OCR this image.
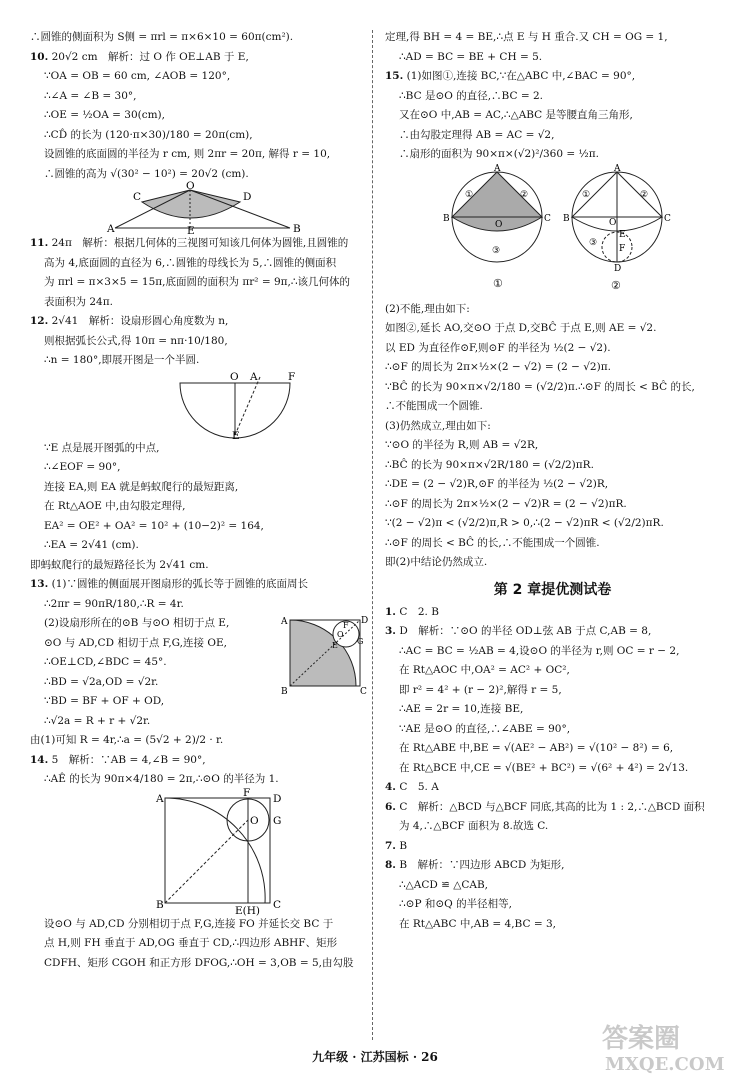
∴圆锥的侧面积为 S侧 = πrl = π×6×10 = 60π(cm²).
10. 20√2 cm　解析：过 O 作 OE⊥AB 于 E,
∵OA = OB = 60 cm, ∠AOB = 120°,
∴∠A = ∠B = 30°,
∴OE = ½OA = 30(cm),
∴CD̂ 的长为 (120·π×30)/180 = 20π(cm),
设圆锥的底面圆的半径为 r cm, 则 2πr = 20π, 解得 r = 10,
∴圆锥的高为 √(30² − 10²) = 20√2 (cm).
A	B
C	D
E
O
11. 24π　解析：根据几何体的三视图可知该几何体为圆锥,且圆锥的
高为 4,底面圆的直径为 6,∴圆锥的母线长为 5,∴圆锥的侧面积
为 πrl = π×3×5 = 15π,底面圆的面积为 πr² = 9π,∴该几何体的
表面积为 24π.
12. 2√41　解析：设扇形圆心角度数为 n,
则根据弧长公式,得 10π = nπ·10/180,
∴n = 180°,即展开图是一个半圆.
O A	F
E
∵E 点是展开图弧的中点,
∴∠EOF = 90°,
连接 EA,则 EA 就是蚂蚁爬行的最短距离,
在 Rt△AOE 中,由勾股定理得,
EA² = OE² + OA² = 10² + (10−2)² = 164,
∴EA = 2√41 (cm).
即蚂蚁爬行的最短路径长为 2√41 cm.
13. (1)∵圆锥的侧面展开图扇形的弧长等于圆锥的底面周长
∴2πr = 90πR/180,∴R = 4r.
(2)设扇形所在的⊙B 与⊙O 相切于点 E,
⊙O 与 AD,CD 相切于点 F,G,连接 OE,
∴OE⊥CD,∠BDC = 45°.
∴BD = √2a,OD = √2r.
∵BD = BF + OF + OD,
∴√2a = R + r + √2r.
A	D
B	C
O
G
E
F
由(1)可知 R = 4r,∴a = (5√2 + 2)/2 · r.
14. 5　解析：∵AB = 4,∠B = 90°,
∴AÊ 的长为 90π×4/180 = 2π,∴⊙O 的半径为 1.
A	F D
O G
B	E(H) C
设⊙O 与 AD,CD 分别相切于点 F,G,连接 FO 并延长交 BC 于
点 H,则 FH 垂直于 AD,OG 垂直于 CD,∴四边形 ABHF、矩形
CDFH、矩形 CGOH 和正方形 DFOG,∴OH = 3,OB = 5,由勾股
定理,得 BH = 4 = BE,∴点 E 与 H 重合.又 CH = OG = 1,
∴AD = BC = BE + CH = 5.
15. (1)如图①,连接 BC,∵在△ABC 中,∠BAC = 90°,
∴BC 是⊙O 的直径,∴BC = 2.
又在⊙O 中,AB = AC,∴△ABC 是等腰直角三角形,
∴由勾股定理得 AB = AC = √2,
∴扇形的面积为 90×π×(√2)²/360 = ½π.
A
B	C
O
①	②
③
①
A
B	C
O
E
F
D
①	②
③
②
(2)不能,理由如下:
如图②,延长 AO,交⊙O 于点 D,交BĈ 于点 E,则 AE = √2.
以 ED 为直径作⊙F,则⊙F 的半径为 ½(2 − √2).
∴⊙F 的周长为 2π×½×(2 − √2) = (2 − √2)π.
∵BĈ 的长为 90×π×√2/180 = (√2/2)π.∴⊙F 的周长 < BĈ 的长,
∴不能围成一个圆锥.
(3)仍然成立,理由如下:
∵⊙O 的半径为 R,则 AB = √2R,
∴BĈ 的长为 90×π×√2R/180 = (√2/2)πR.
∴DE = (2 − √2)R,⊙F 的半径为 ½(2 − √2)R,
∴⊙F 的周长为 2π×½×(2 − √2)R = (2 − √2)πR.
∵(2 − √2)π < (√2/2)π,R > 0,∴(2 − √2)πR < (√2/2)πR.
∴⊙F 的周长 < BĈ 的长,∴不能围成一个圆锥.
即(2)中结论仍然成立.
第 2 章提优测试卷
1. C　2. B
3. D　解析：∵⊙O 的半径 OD⊥弦 AB 于点 C,AB = 8,
∴AC = BC = ½AB = 4,设⊙O 的半径为 r,则 OC = r − 2,
在 Rt△AOC 中,OA² = AC² + OC²,
即 r² = 4² + (r − 2)²,解得 r = 5,
∴AE = 2r = 10,连接 BE,
∵AE 是⊙O 的直径,∴∠ABE = 90°,
在 Rt△ABE 中,BE = √(AE² − AB²) = √(10² − 8²) = 6,
在 Rt△BCE 中,CE = √(BE² + BC²) = √(6² + 4²) = 2√13.
4. C　5. A
6. C　解析：△BCD 与△BCF 同底,其高的比为 1 : 2,∴△BCD 面积
为 4,∴△BCF 面积为 8.故选 C.
7. B
8. B　解析：∵四边形 ABCD 为矩形,
∴△ACD ≌ △CAB,
∴⊙P 和⊙Q 的半径相等,
在 Rt△ABC 中,AB = 4,BC = 3,
九年级 · 江苏国标 · 26
答案圈
MXQE.COM
